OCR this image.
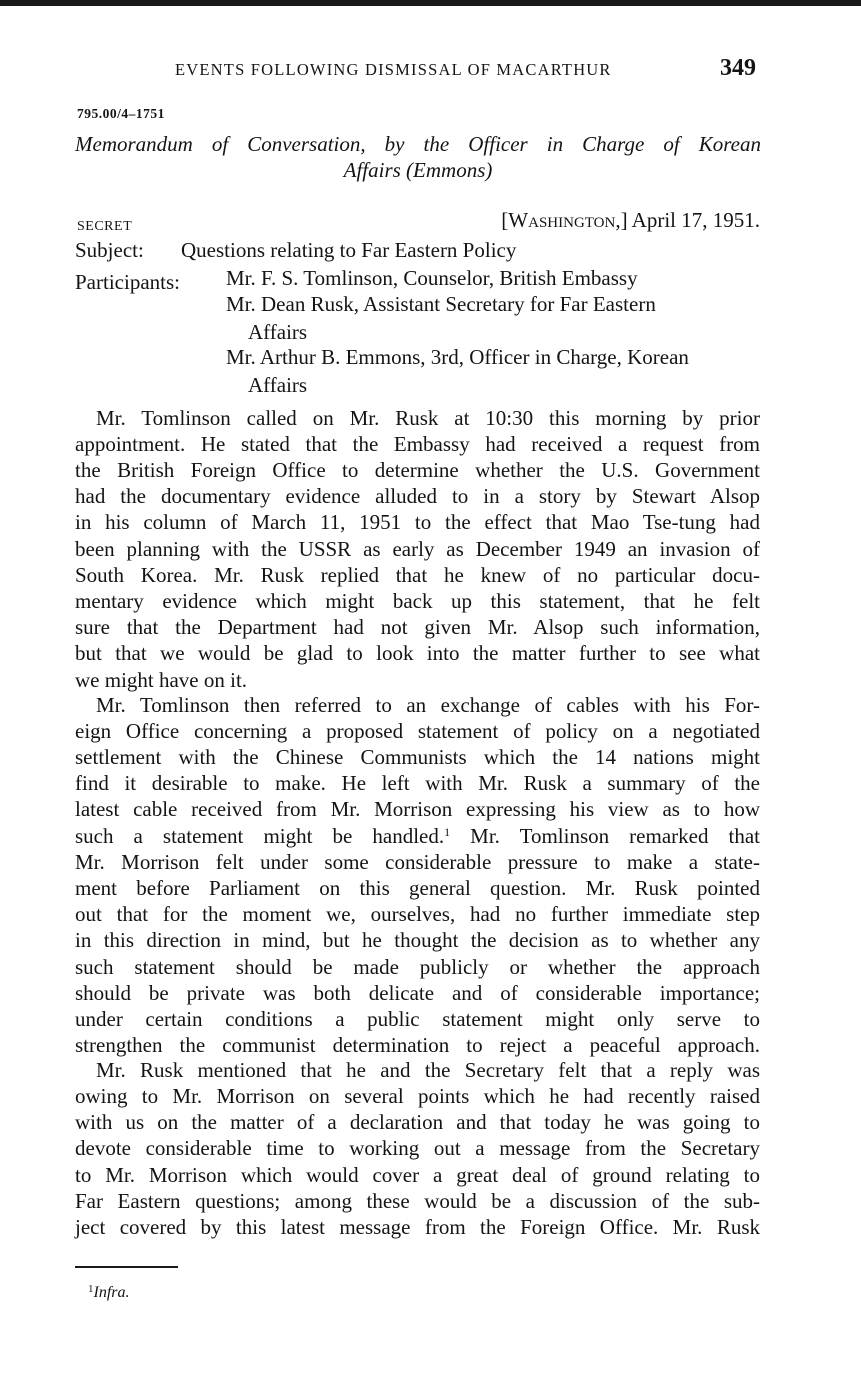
EVENTS FOLLOWING DISMISSAL OF MACARTHUR	349
795.00/4–1751
Memorandum of Conversation, by the Officer in Charge of Korean
Affairs (Emmons)
SECRET	[Washington,] April 17, 1951.
Subject: Questions relating to Far Eastern Policy
Participants: Mr. F. S. Tomlinson, Counselor, British Embassy
Mr. Dean Rusk, Assistant Secretary for Far Eastern
Affairs
Mr. Arthur B. Emmons, 3rd, Officer in Charge, Korean
Affairs
Mr. Tomlinson called on Mr. Rusk at 10:30 this morning by prior
appointment. He stated that the Embassy had received a request from
the British Foreign Office to determine whether the U.S. Government
had the documentary evidence alluded to in a story by Stewart Alsop
in his column of March 11, 1951 to the effect that Mao Tse-tung had
been planning with the USSR as early as December 1949 an invasion of
South Korea. Mr. Rusk replied that he knew of no particular docu-
mentary evidence which might back up this statement, that he felt
sure that the Department had not given Mr. Alsop such information,
but that we would be glad to look into the matter further to see what
we might have on it.
Mr. Tomlinson then referred to an exchange of cables with his For-
eign Office concerning a proposed statement of policy on a negotiated
settlement with the Chinese Communists which the 14 nations might
find it desirable to make. He left with Mr. Rusk a summary of the
latest cable received from Mr. Morrison expressing his view as to how
such a statement might be handled.$^1$ Mr. Tomlinson remarked that
Mr. Morrison felt under some considerable pressure to make a state-
ment before Parliament on this general question. Mr. Rusk pointed
out that for the moment we, ourselves, had no further immediate step
in this direction in mind, but he thought the decision as to whether any
such statement should be made publicly or whether the approach
should be private was both delicate and of considerable importance;
under certain conditions a public statement might only serve to
strengthen the communist determination to reject a peaceful approach.
Mr. Rusk mentioned that he and the Secretary felt that a reply was
owing to Mr. Morrison on several points which he had recently raised
with us on the matter of a declaration and that today he was going to
devote considerable time to working out a message from the Secretary
to Mr. Morrison which would cover a great deal of ground relating to
Far Eastern questions; among these would be a discussion of the sub-
ject covered by this latest message from the Foreign Office. Mr. Rusk
$^1$Infra.
